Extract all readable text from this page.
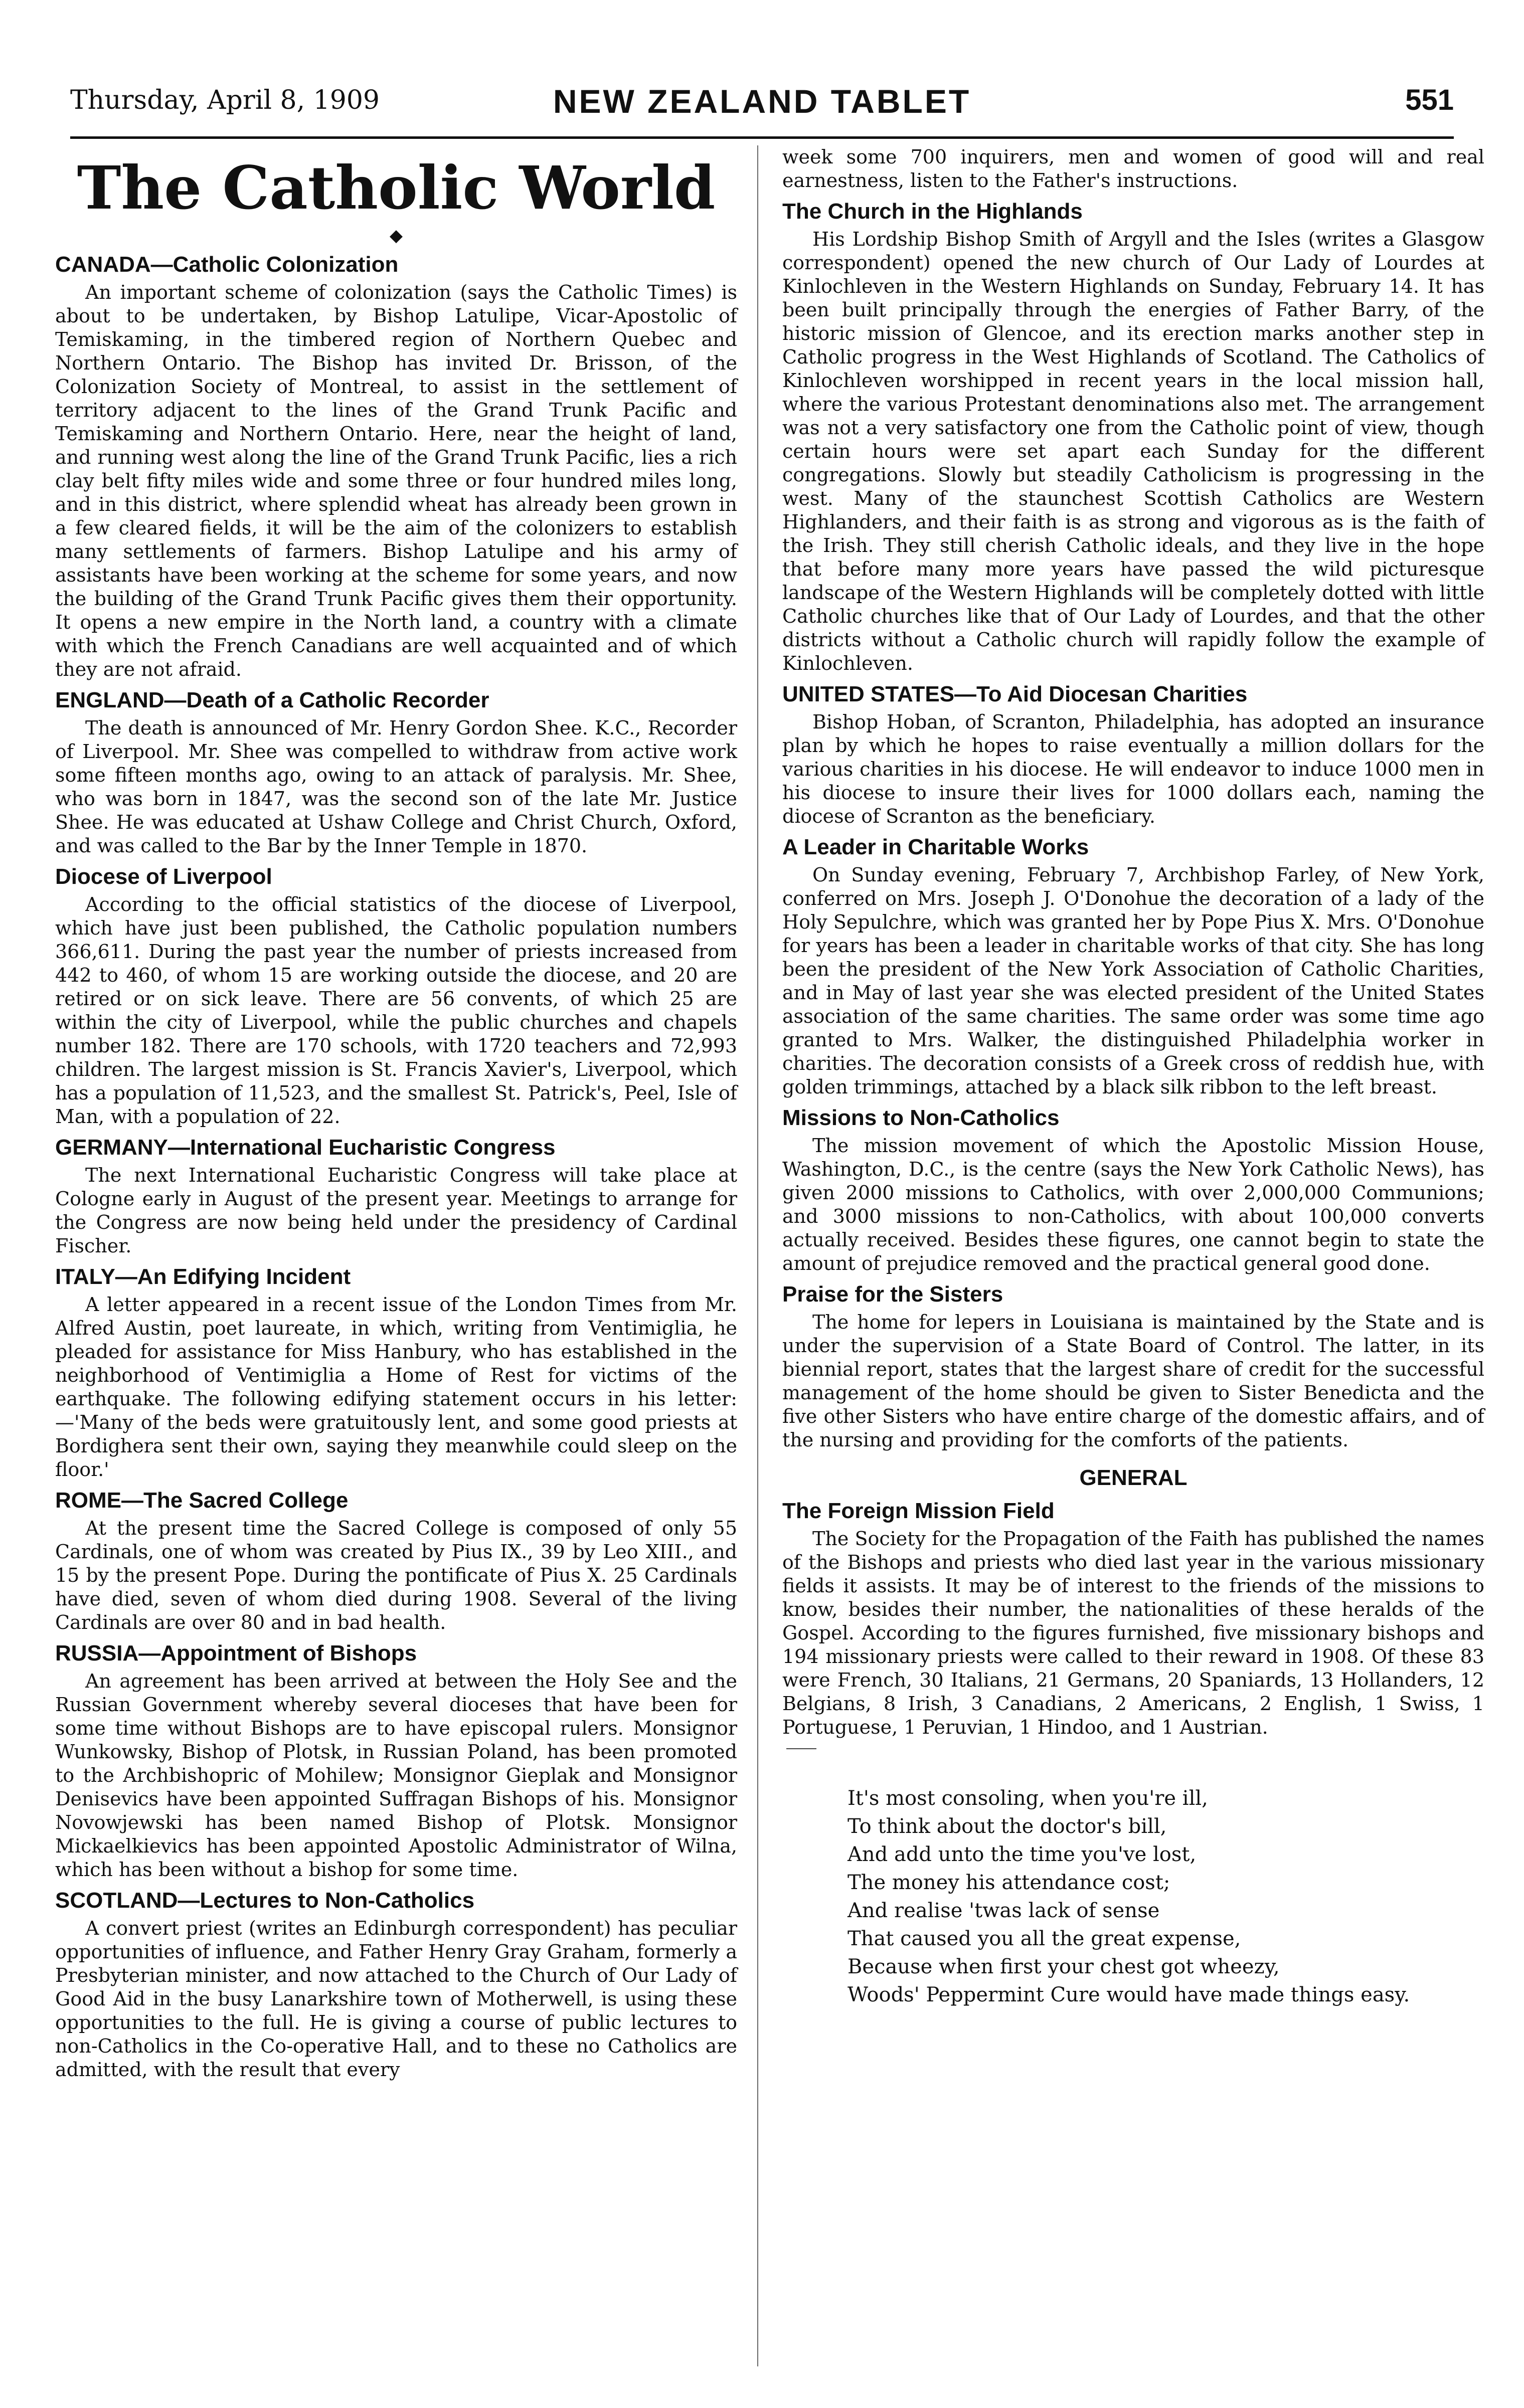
Thursday, April 8, 1909	NEW ZEALAND TABLET	551
The Catholic World
◆
CANADA—Catholic Colonization

An important scheme of colonization (says the Catholic Times) is about to be undertaken, by Bishop Latulipe, Vicar-Apostolic of Temiskaming, in the timbered region of Northern Quebec and Northern Ontario. The Bishop has invited Dr. Brisson, of the Colonization Society of Montreal, to assist in the settlement of territory adjacent to the lines of the Grand Trunk Pacific and Temiskaming and Northern Ontario. Here, near the height of land, and running west along the line of the Grand Trunk Pacific, lies a rich clay belt fifty miles wide and some three or four hundred miles long, and in this district, where splendid wheat has already been grown in a few cleared fields, it will be the aim of the colonizers to establish many settlements of farmers. Bishop Latulipe and his army of assistants have been working at the scheme for some years, and now the building of the Grand Trunk Pacific gives them their opportunity. It opens a new empire in the North land, a country with a climate with which the French Canadians are well acquainted and of which they are not afraid.

ENGLAND—Death of a Catholic Recorder

The death is announced of Mr. Henry Gordon Shee. K.C., Recorder of Liverpool. Mr. Shee was compelled to withdraw from active work some fifteen months ago, owing to an attack of paralysis. Mr. Shee, who was born in 1847, was the second son of the late Mr. Justice Shee. He was educated at Ushaw College and Christ Church, Oxford, and was called to the Bar by the Inner Temple in 1870.

Diocese of Liverpool

According to the official statistics of the diocese of Liverpool, which have just been published, the Catholic population numbers 366,611. During the past year the number of priests increased from 442 to 460, of whom 15 are working outside the diocese, and 20 are retired or on sick leave. There are 56 convents, of which 25 are within the city of Liverpool, while the public churches and chapels number 182. There are 170 schools, with 1720 teachers and 72,993 children. The largest mission is St. Francis Xavier's, Liverpool, which has a population of 11,523, and the smallest St. Patrick's, Peel, Isle of Man, with a population of 22.

GERMANY—International Eucharistic Congress

The next International Eucharistic Congress will take place at Cologne early in August of the present year. Meetings to arrange for the Congress are now being held under the presidency of Cardinal Fischer.

ITALY—An Edifying Incident

A letter appeared in a recent issue of the London Times from Mr. Alfred Austin, poet laureate, in which, writing from Ventimiglia, he pleaded for assistance for Miss Hanbury, who has established in the neighborhood of Ventimiglia a Home of Rest for victims of the earthquake. The following edifying statement occurs in his letter:—'Many of the beds were gratuitously lent, and some good priests at Bordighera sent their own, saying they meanwhile could sleep on the floor.'

ROME—The Sacred College

At the present time the Sacred College is composed of only 55 Cardinals, one of whom was created by Pius IX., 39 by Leo XIII., and 15 by the present Pope. During the pontificate of Pius X. 25 Cardinals have died, seven of whom died during 1908. Several of the living Cardinals are over 80 and in bad health.

RUSSIA—Appointment of Bishops

An agreement has been arrived at between the Holy See and the Russian Government whereby several dioceses that have been for some time without Bishops are to have episcopal rulers. Monsignor Wunkowsky, Bishop of Plotsk, in Russian Poland, has been promoted to the Archbishopric of Mohilew; Monsignor Gieplak and Monsignor Denisevics have been appointed Suffragan Bishops of his. Monsignor Novowjewski has been named Bishop of Plotsk. Monsignor Mickaelkievics has been appointed Apostolic Administrator of Wilna, which has been without a bishop for some time.

SCOTLAND—Lectures to Non-Catholics

A convert priest (writes an Edinburgh correspondent) has peculiar opportunities of influence, and Father Henry Gray Graham, formerly a Presbyterian minister, and now attached to the Church of Our Lady of Good Aid in the busy Lanarkshire town of Motherwell, is using these opportunities to the full. He is giving a course of public lectures to non-Catholics in the Co-operative Hall, and to these no Catholics are admitted, with the result that every

week some 700 inquirers, men and women of good will and real earnestness, listen to the Father's instructions.

The Church in the Highlands

His Lordship Bishop Smith of Argyll and the Isles (writes a Glasgow correspondent) opened the new church of Our Lady of Lourdes at Kinlochleven in the Western Highlands on Sunday, February 14. It has been built principally through the energies of Father Barry, of the historic mission of Glencoe, and its erection marks another step in Catholic progress in the West Highlands of Scotland. The Catholics of Kinlochleven worshipped in recent years in the local mission hall, where the various Protestant denominations also met. The arrangement was not a very satisfactory one from the Catholic point of view, though certain hours were set apart each Sunday for the different congregations. Slowly but steadily Catholicism is progressing in the west. Many of the staunchest Scottish Catholics are Western Highlanders, and their faith is as strong and vigorous as is the faith of the Irish. They still cherish Catholic ideals, and they live in the hope that before many more years have passed the wild picturesque landscape of the Western Highlands will be completely dotted with little Catholic churches like that of Our Lady of Lourdes, and that the other districts without a Catholic church will rapidly follow the example of Kinlochleven.

UNITED STATES—To Aid Diocesan Charities

Bishop Hoban, of Scranton, Philadelphia, has adopted an insurance plan by which he hopes to raise eventually a million dollars for the various charities in his diocese. He will endeavor to induce 1000 men in his diocese to insure their lives for 1000 dollars each, naming the diocese of Scranton as the beneficiary.

A Leader in Charitable Works

On Sunday evening, February 7, Archbishop Farley, of New York, conferred on Mrs. Joseph J. O'Donohue the decoration of a lady of the Holy Sepulchre, which was granted her by Pope Pius X. Mrs. O'Donohue for years has been a leader in charitable works of that city. She has long been the president of the New York Association of Catholic Charities, and in May of last year she was elected president of the United States association of the same charities. The same order was some time ago granted to Mrs. Walker, the distinguished Philadelphia worker in charities. The decoration consists of a Greek cross of reddish hue, with golden trimmings, attached by a black silk ribbon to the left breast.

Missions to Non-Catholics

The mission movement of which the Apostolic Mission House, Washington, D.C., is the centre (says the New York Catholic News), has given 2000 missions to Catholics, with over 2,000,000 Communions; and 3000 missions to non-Catholics, with about 100,000 converts actually received. Besides these figures, one cannot begin to state the amount of prejudice removed and the practical general good done.

Praise for the Sisters

The home for lepers in Louisiana is maintained by the State and is under the supervision of a State Board of Control. The latter, in its biennial report, states that the largest share of credit for the successful management of the home should be given to Sister Benedicta and the five other Sisters who have entire charge of the domestic affairs, and of the nursing and providing for the comforts of the patients.

GENERAL
The Foreign Mission Field

The Society for the Propagation of the Faith has published the names of the Bishops and priests who died last year in the various missionary fields it assists. It may be of interest to the friends of the missions to know, besides their number, the nationalities of these heralds of the Gospel. According to the figures furnished, five missionary bishops and 194 missionary priests were called to their reward in 1908. Of these 83 were French, 30 Italians, 21 Germans, 20 Spaniards, 13 Hollanders, 12 Belgians, 8 Irish, 3 Canadians, 2 Americans, 2 English, 1 Swiss, 1 Portuguese, 1 Peruvian, 1 Hindoo, and 1 Austrian.

It's most consoling, when you're ill,
To think about the doctor's bill,
And add unto the time you've lost,
The money his attendance cost;
And realise 'twas lack of sense
That caused you all the great expense,
Because when first your chest got wheezy,
Woods' Peppermint Cure would have made things easy.
